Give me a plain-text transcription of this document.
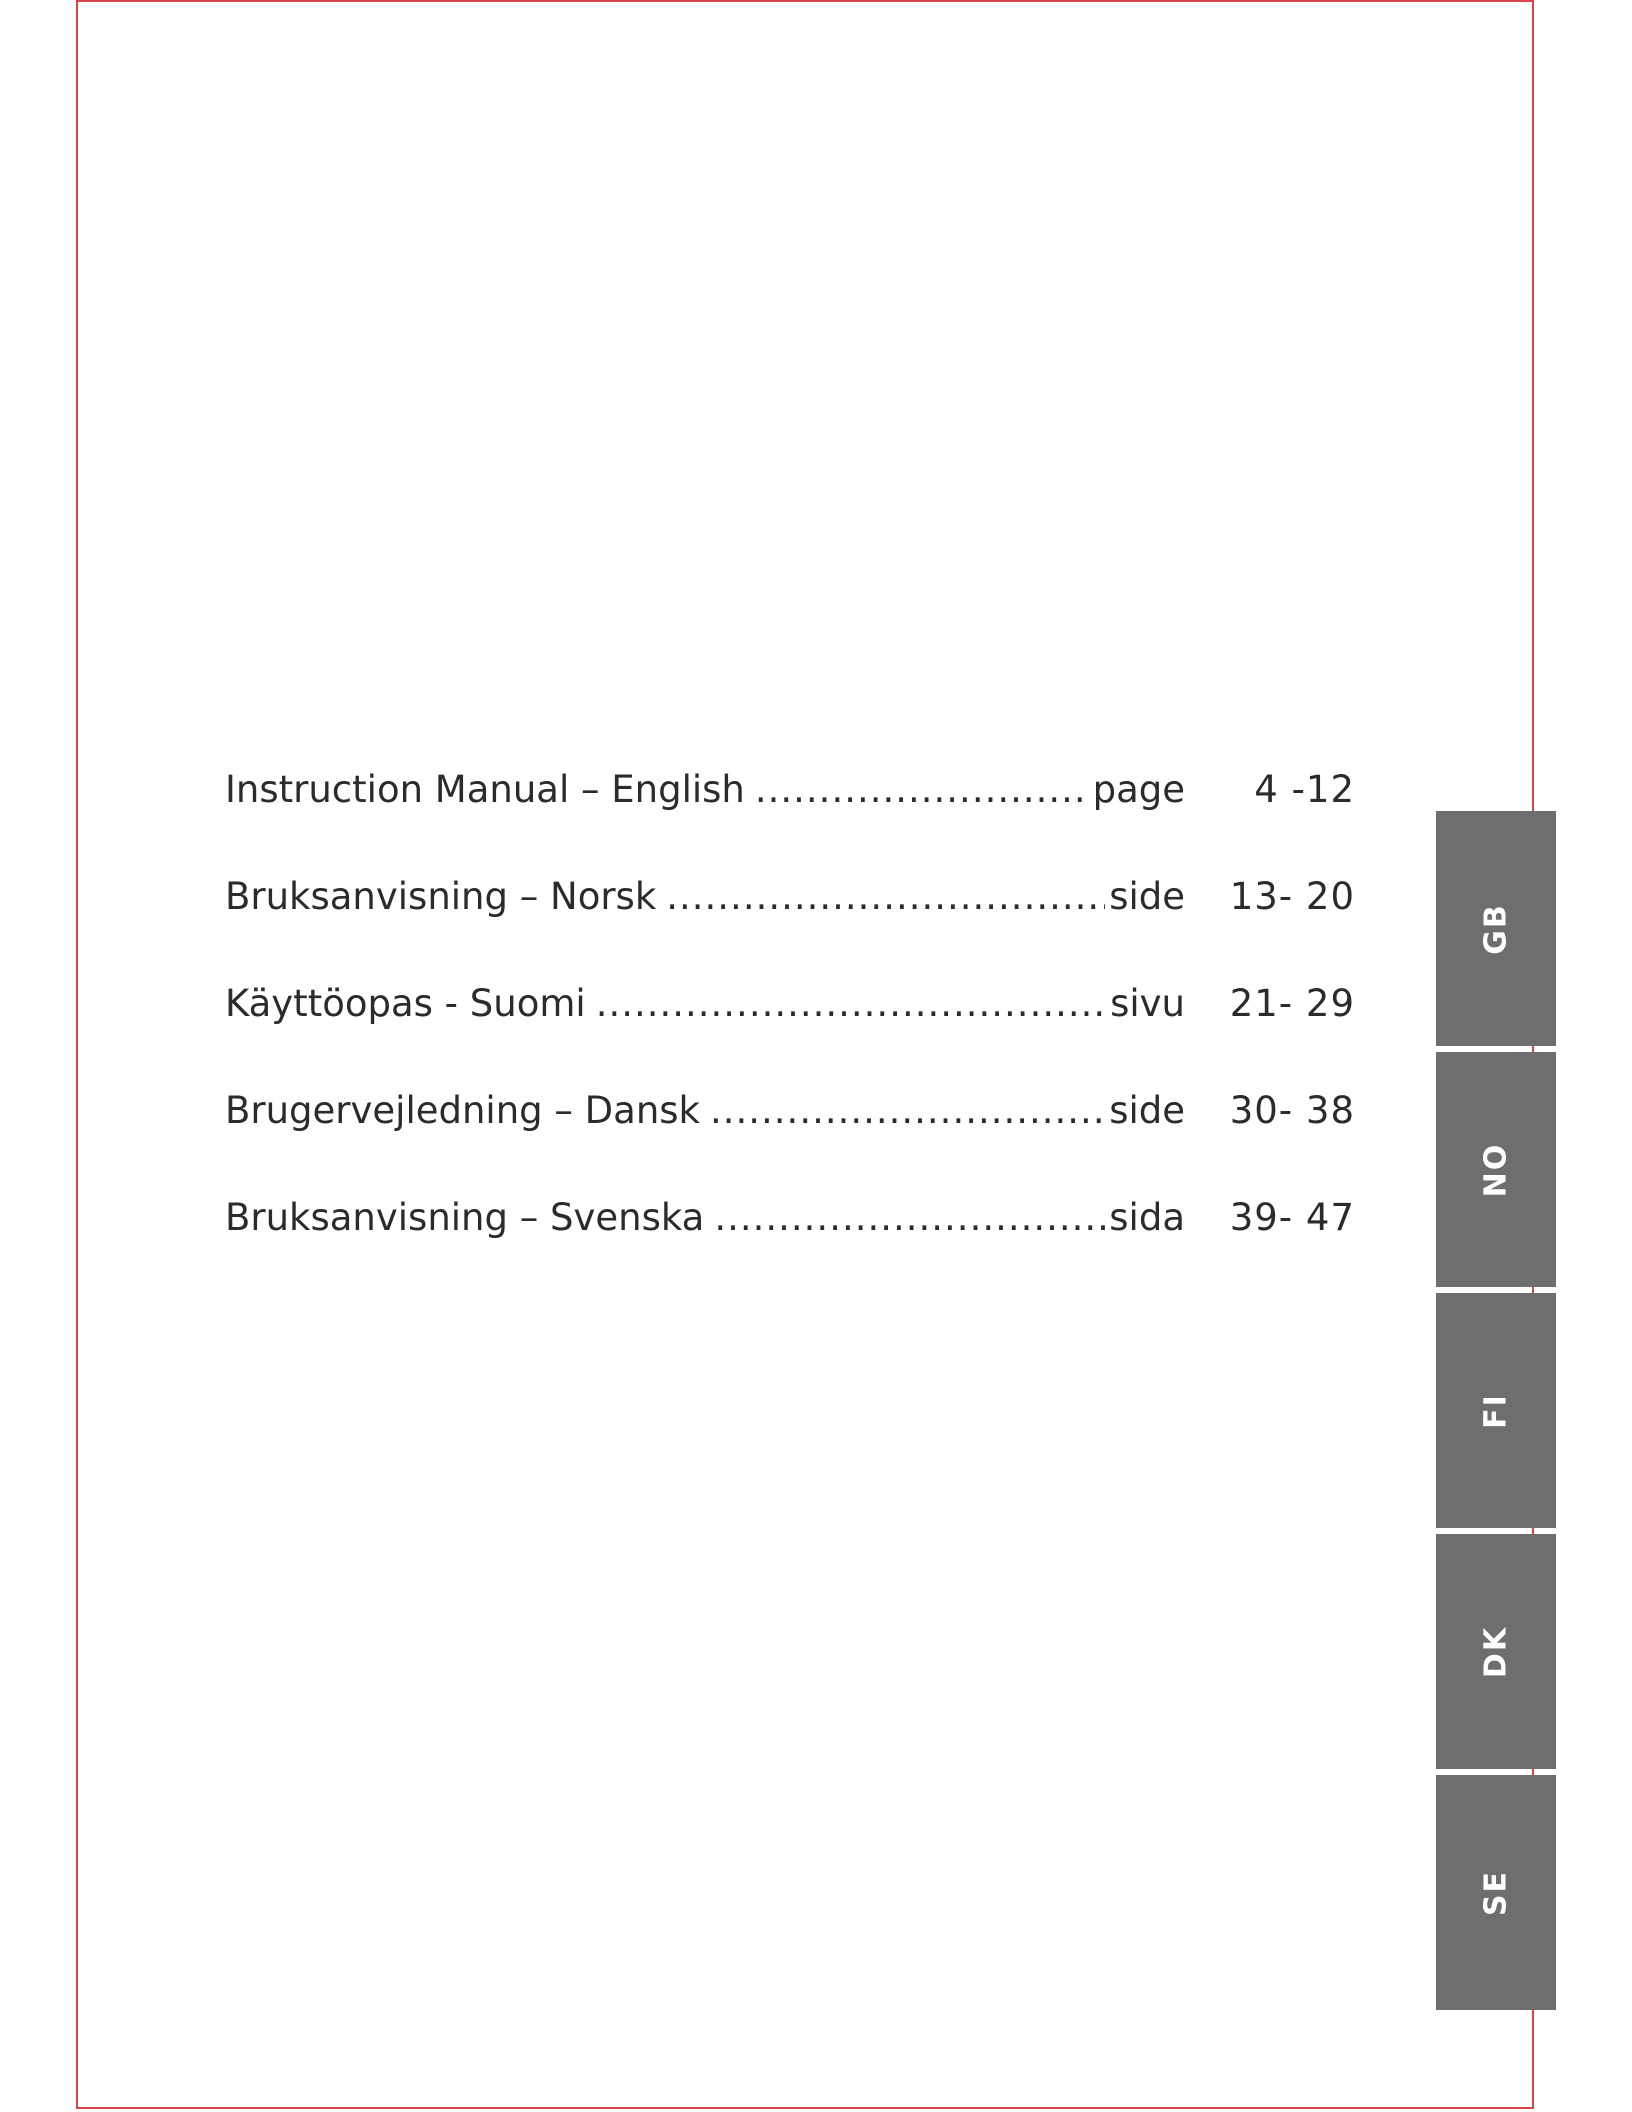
Instruction Manual – English .....	page	4 -12
Bruksanvisning – Norsk .....	side	13- 20
Käyttöopas - Suomi .....	sivu	21- 29
Brugervejledning – Dansk .....	side	30- 38
Bruksanvisning – Svenska .....	sida	39- 47
GB
NO
FI
DK
SE
